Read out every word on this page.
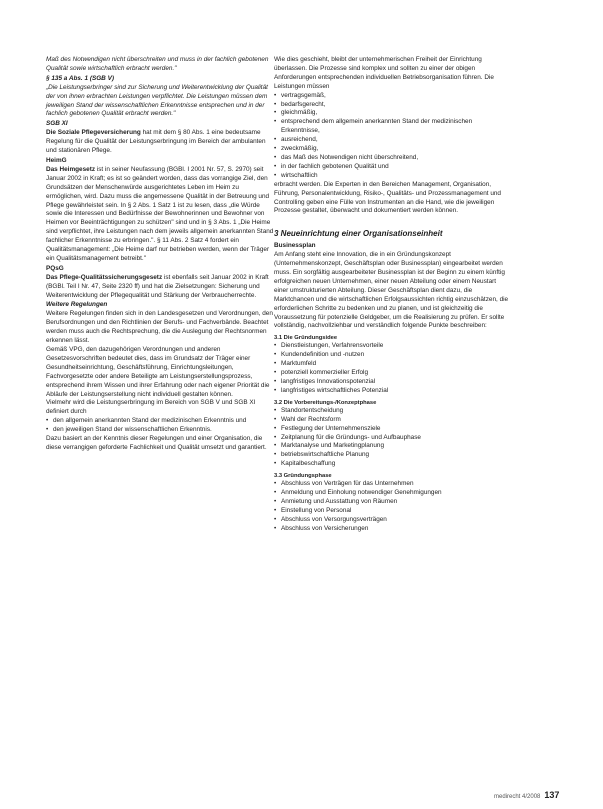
Maß des Notwendigen nicht überschreiten und muss in der fachlich gebotenen Qualität sowie wirtschaftlich erbracht werden."

§ 135 a Abs. 1 (SGB V)

„Die Leistungserbringer sind zur Sicherung und Weiterentwicklung der Qualität der von ihnen erbrachten Leistungen verpflichtet. Die Leistungen müssen dem jeweiligen Stand der wissenschaftlichen Erkenntnisse entsprechen und in der fachlich gebotenen Qualität erbracht werden."

SGB XI

Die Soziale Pflegeversicherung hat mit dem § 80 Abs. 1 eine bedeutsame Regelung für die Qualität der Leistungserbringung im Bereich der ambulanten und stationären Pflege.

HeimG

Das Heimgesetz ist in seiner Neufassung (BGBl. I 2001 Nr. 57, S. 2970) seit Januar 2002 in Kraft; es ist so geändert worden, dass das vorrangige Ziel, den Grundsätzen der Menschenwürde ausgerichtetes Leben im Heim zu ermöglichen, wird. Dazu muss die angemessene Qualität in der Betreuung und Pflege gewährleistet sein. In § 2 Abs. 1 Satz 1 ist zu lesen, dass „die Würde sowie die Interessen und Bedürfnisse der Bewohnerinnen und Bewohner von Heimen vor Beeinträchtigungen zu schützen" sind und in § 3 Abs. 1 „Die Heime sind verpflichtet, ihre Leistungen nach dem jeweils allgemein anerkannten Stand fachlicher Erkenntnisse zu erbringen.". § 11 Abs. 2 Satz 4 fordert ein Qualitätsmanagement: „Die Heime darf nur betrieben werden, wenn der Träger ein Qualitätsmanagement betreibt."

PQsG

Das Pflege-Qualitätssicherungsgesetz ist ebenfalls seit Januar 2002 in Kraft (BGBl. Teil I Nr. 47, Seite 2320 ff) und hat die Zielsetzungen: Sicherung und Weiterentwicklung der Pflegequalität und Stärkung der Verbraucherrechte.

Weitere Regelungen

Weitere Regelungen finden sich in den Landesgesetzen und Verordnungen, den Berufsordnungen und den Richtlinien der Berufs- und Fachverbände. Beachtet werden muss auch die Rechtsprechung, die die Auslegung der Rechtsnormen erkennen lässt.

Gemäß VPG, den dazugehörigen Verordnungen und anderen Gesetzesvorschriften bedeutet dies, dass im Grundsatz der Träger einer Gesundheitseinrichtung, Geschäftsführung, Einrichtungsleitungen, Fachvorgesetzte oder andere Beteiligte am Leistungserstellungsprozess, entsprechend ihrem Wissen und ihrer Erfahrung oder nach eigener Priorität die Abläufe der Leistungserstellung nicht individuell gestalten können.

Vielmehr wird die Leistungserbringung im Bereich von SGB V und SGB XI definiert durch

• den allgemein anerkannten Stand der medizinischen Erkenntnis und
• den jeweiligen Stand der wissenschaftlichen Erkenntnis.

Dazu basiert an der Kenntnis dieser Regelungen und einer Organisation, die diese verrangigen geforderte Fachlichkeit und Qualität umsetzt und garantiert.

Wie dies geschieht, bleibt der unternehmerischen Freiheit der Einrichtung überlassen. Die Prozesse sind komplex und sollten zu einer der obigen Anforderungen entsprechenden individuellen Betriebsorganisation führen. Die Leistungen müssen

• vertragsgemäß,
• bedarfsgerecht,
• gleichmäßig,
• entsprechend dem allgemein anerkannten Stand der medizinischen Erkenntnisse,
• ausreichend,
• zweckmäßig,
• das Maß des Notwendigen nicht überschreitend,
• in der fachlich gebotenen Qualität und
• wirtschaftlich

erbracht werden. Die Experten in den Bereichen Management, Organisation, Führung, Personalentwicklung, Risiko-, Qualitäts- und Prozessmanagement und Controlling geben eine Fülle von Instrumenten an die Hand, wie die jeweiligen Prozesse gestaltet, überwacht und dokumentiert werden können.

3 Neueinrichtung einer Organisationseinheit

Businessplan

Am Anfang steht eine Innovation, die in ein Gründungskonzept (Unternehmenskonzept, Geschäftsplan oder Businessplan) eingearbeitet werden muss. Ein sorgfältig ausgearbeiteter Businessplan ist der Beginn zu einem künftig erfolgreichen neuen Unternehmen, einer neuen Abteilung oder einem Neustart einer umstrukturierten Abteilung. Dieser Geschäftsplan dient dazu, die Marktchancen und die wirtschaftlichen Erfolgsaussichten richtig einzuschätzen, die erforderlichen Schritte zu bedenken und zu planen, und ist gleichzeitig die Voraussetzung für potenzielle Geldgeber, um die Realisierung zu prüfen. Er sollte vollständig, nachvollziehbar und verständlich folgende Punkte beschreiben:

3.1 Die Gründungsidee

• Dienstleistungen, Verfahrensvorteile
• Kundendefinition und -nutzen
• Marktumfeld
• potenziell kommerzieller Erfolg
• langfristiges Innovationspotenzial
• langfristiges wirtschaftliches Potenzial

3.2 Die Vorbereitungs-/Konzeptphase

• Standortentscheidung
• Wahl der Rechtsform
• Festlegung der Unternehmensziele
• Zeitplanung für die Gründungs- und Aufbauphase
• Marktanalyse und Marketingplanung
• betriebswirtschaftliche Planung
• Kapitalbeschaffung

3.3 Gründungsphase

• Abschluss von Verträgen für das Unternehmen
• Anmeldung und Einholung notwendiger Genehmigungen
• Anmietung und Ausstattung von Räumen
• Einstellung von Personal
• Abschluss von Versorgungsverträgen
• Abschluss von Versicherungen
medirecht 4/2008 137
